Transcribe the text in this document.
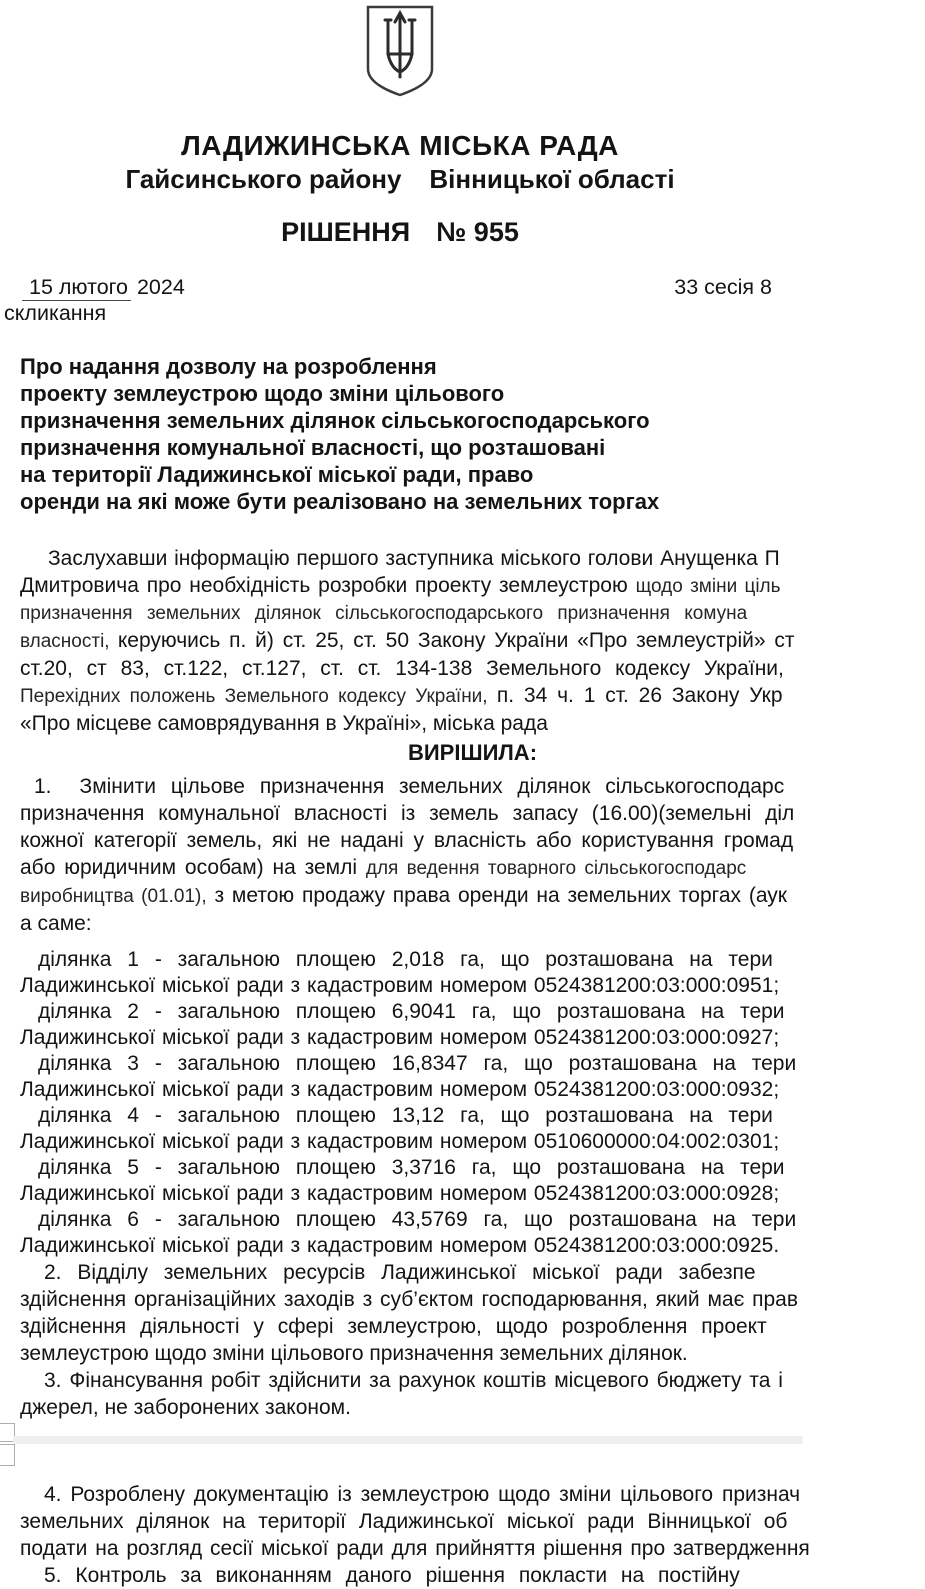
ЛАДИЖИНСЬКА МІСЬКА РАДА
Гайсинського району Вінницької області
РІШЕННЯ № 955
15 лютого 2024	33 сесія 8
скликання
Про надання дозволу на розроблення
проекту землеустрою щодо зміни цільового
призначення земельних ділянок сільськогосподарського
призначення комунальної власності, що розташовані
на території Ладижинської міської ради, право
оренди на які може бути реалізовано на земельних торгах
Заслухавши інформацію першого заступника міського голови Анущенка П
Дмитровича про необхідність розробки проекту землеустрою щодо зміни ціль
призначення земельних ділянок сільськогосподарського призначення комуна
власності, керуючись п. й) ст. 25, ст. 50 Закону України «Про землеустрій» ст
ст.20, ст 83, ст.122, ст.127, ст. ст. 134-138 Земельного кодексу України,
Перехідних положень Земельного кодексу України, п. 34 ч. 1 ст. 26 Закону Укр
«Про місцеве самоврядування в Україні», міська рада
ВИРІШИЛА:
1. Змінити цільове призначення земельних ділянок сільськогосподарс
призначення комунальної власності із земель запасу (16.00)(земельні діл
кожної категорії земель, які не надані у власність або користування громад
або юридичним особам) на землі для ведення товарного сільськогосподарс
виробництва (01.01), з метою продажу права оренди на земельних торгах (аук
а саме:
ділянка 1 - загальною площею 2,018 га, що розташована на тери
Ладижинської міської ради з кадастровим номером 0524381200:03:000:0951;
ділянка 2 - загальною площею 6,9041 га, що розташована на тери
Ладижинської міської ради з кадастровим номером 0524381200:03:000:0927;
ділянка 3 - загальною площею 16,8347 га, що розташована на тери
Ладижинської міської ради з кадастровим номером 0524381200:03:000:0932;
ділянка 4 - загальною площею 13,12 га, що розташована на тери
Ладижинської міської ради з кадастровим номером 0510600000:04:002:0301;
ділянка 5 - загальною площею 3,3716 га, що розташована на тери
Ладижинської міської ради з кадастровим номером 0524381200:03:000:0928;
ділянка 6 - загальною площею 43,5769 га, що розташована на тери
Ладижинської міської ради з кадастровим номером 0524381200:03:000:0925.
2. Відділу земельних ресурсів Ладижинської міської ради забезпе
здійснення організаційних заходів з суб’єктом господарювання, який має прав
здійснення діяльності у сфері землеустрою, щодо розроблення проект
землеустрою щодо зміни цільового призначення земельних ділянок.
3. Фінансування робіт здійснити за рахунок коштів місцевого бюджету та і
джерел, не заборонених законом.
4. Розроблену документацію із землеустрою щодо зміни цільового признач
земельних ділянок на території Ладижинської міської ради Вінницької об
подати на розгляд сесії міської ради для прийняття рішення про затвердження
5. Контроль за виконанням даного рішення покласти на постійну
